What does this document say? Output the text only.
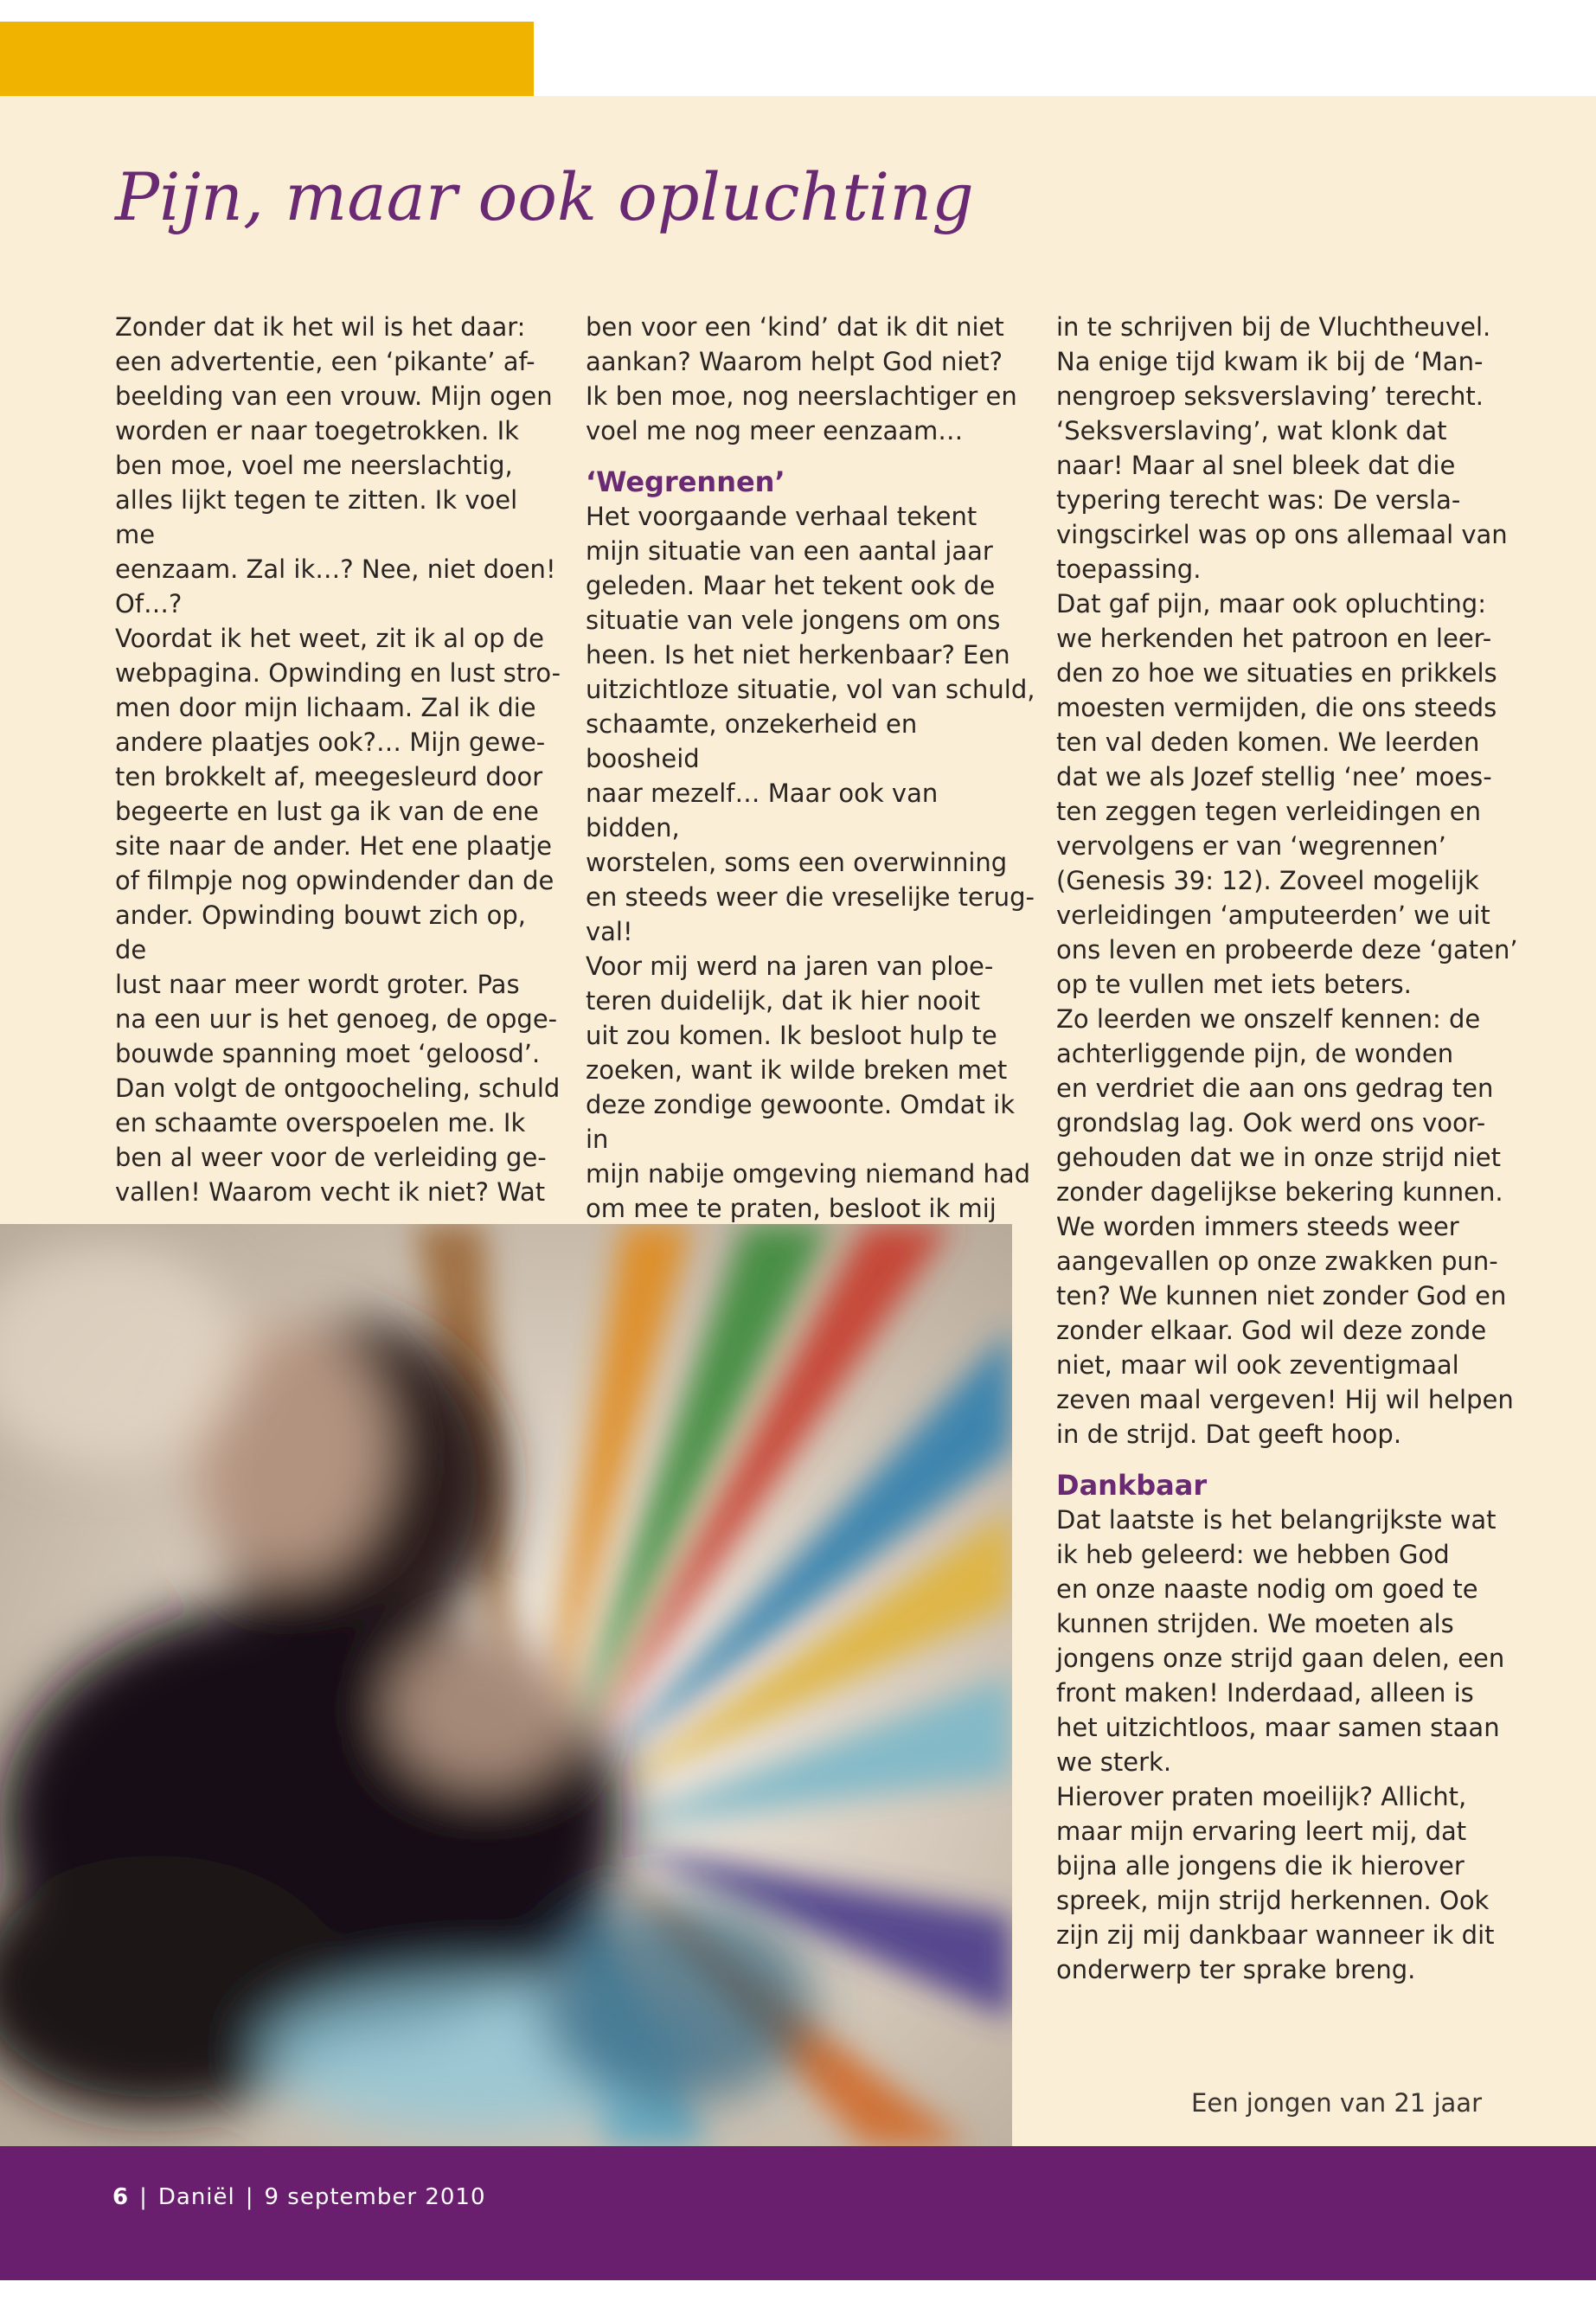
Pijn, maar ook opluchting

Zonder dat ik het wil is het daar:
een advertentie, een ‘pikante’ af-
beelding van een vrouw. Mijn ogen
worden er naar toegetrokken. Ik
ben moe, voel me neerslachtig,
alles lijkt tegen te zitten. Ik voel me
eenzaam. Zal ik…? Nee, niet doen!
Of…?
Voordat ik het weet, zit ik al op de
webpagina. Opwinding en lust stro-
men door mijn lichaam. Zal ik die
andere plaatjes ook?… Mijn gewe-
ten brokkelt af, meegesleurd door
begeerte en lust ga ik van de ene
site naar de ander. Het ene plaatje
of filmpje nog opwindender dan de
ander. Opwinding bouwt zich op, de
lust naar meer wordt groter. Pas
na een uur is het genoeg, de opge-
bouwde spanning moet ‘geloosd’.
Dan volgt de ontgoocheling, schuld
en schaamte overspoelen me. Ik
ben al weer voor de verleiding ge-
vallen! Waarom vecht ik niet? Wat

ben voor een ‘kind’ dat ik dit niet
aankan? Waarom helpt God niet?
Ik ben moe, nog neerslachtiger en
voel me nog meer eenzaam…

‘Wegrennen’

Het voorgaande verhaal tekent
mijn situatie van een aantal jaar
geleden. Maar het tekent ook de
situatie van vele jongens om ons
heen. Is het niet herkenbaar? Een
uitzichtloze situatie, vol van schuld,
schaamte, onzekerheid en boosheid
naar mezelf… Maar ook van bidden,
worstelen, soms een overwinning
en steeds weer die vreselijke terug-
val!
Voor mij werd na jaren van ploe-
teren duidelijk, dat ik hier nooit
uit zou komen. Ik besloot hulp te
zoeken, want ik wilde breken met
deze zondige gewoonte. Omdat ik in
mijn nabije omgeving niemand had
om mee te praten, besloot ik mij

in te schrijven bij de Vluchtheuvel.
Na enige tijd kwam ik bij de ‘Man-
nengroep seksverslaving’ terecht.
‘Seksverslaving’, wat klonk dat
naar! Maar al snel bleek dat die
typering terecht was: De versla-
vingscirkel was op ons allemaal van
toepassing.
Dat gaf pijn, maar ook opluchting:
we herkenden het patroon en leer-
den zo hoe we situaties en prikkels
moesten vermijden, die ons steeds
ten val deden komen. We leerden
dat we als Jozef stellig ‘nee’ moes-
ten zeggen tegen verleidingen en
vervolgens er van ‘wegrennen’
(Genesis 39: 12). Zoveel mogelijk
verleidingen ‘amputeerden’ we uit
ons leven en probeerde deze ‘gaten’
op te vullen met iets beters.
Zo leerden we onszelf kennen: de
achterliggende pijn, de wonden
en verdriet die aan ons gedrag ten
grondslag lag. Ook werd ons voor-
gehouden dat we in onze strijd niet
zonder dagelijkse bekering kunnen.
We worden immers steeds weer
aangevallen op onze zwakken pun-
ten? We kunnen niet zonder God en
zonder elkaar. God wil deze zonde
niet, maar wil ook zeventigmaal
zeven maal vergeven! Hij wil helpen
in de strijd. Dat geeft hoop.

Dankbaar

Dat laatste is het belangrijkste wat
ik heb geleerd: we hebben God
en onze naaste nodig om goed te
kunnen strijden. We moeten als
jongens onze strijd gaan delen, een
front maken! Inderdaad, alleen is
het uitzichtloos, maar samen staan
we sterk.
Hierover praten moeilijk? Allicht,
maar mijn ervaring leert mij, dat
bijna alle jongens die ik hierover
spreek, mijn strijd herkennen. Ook
zijn zij mij dankbaar wanneer ik dit
onderwerp ter sprake breng.

Een jongen van 21 jaar
6 | Daniël | 9 september 2010
